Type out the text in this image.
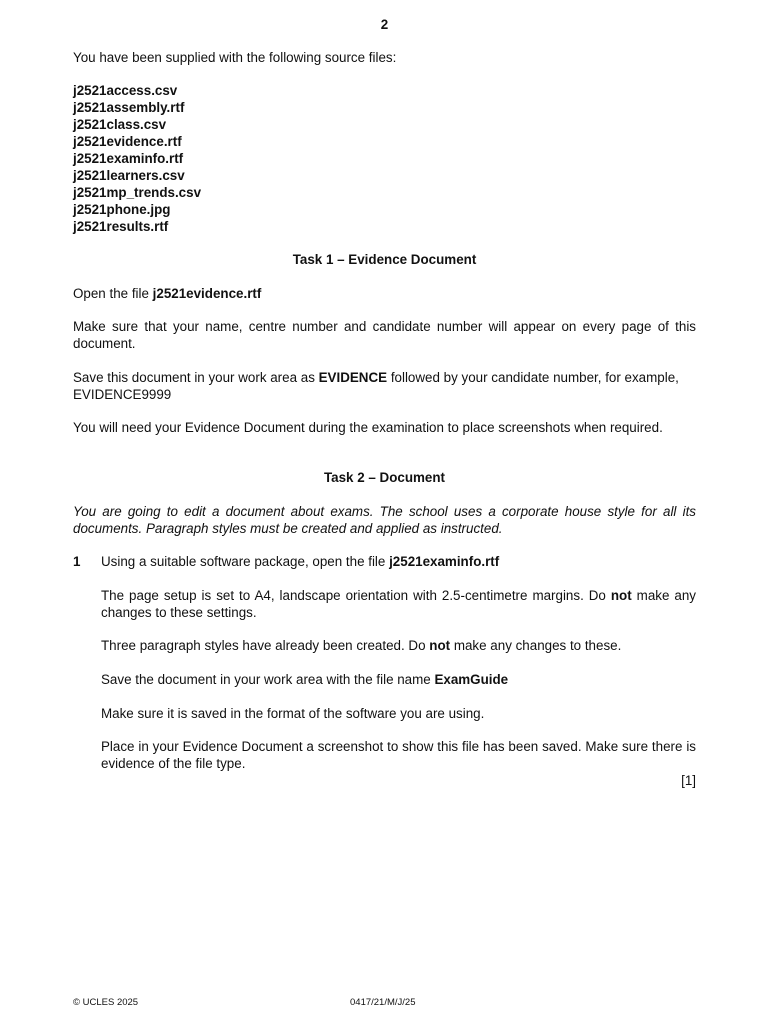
2
You have been supplied with the following source files:
j2521access.csv
j2521assembly.rtf
j2521class.csv
j2521evidence.rtf
j2521examinfo.rtf
j2521learners.csv
j2521mp_trends.csv
j2521phone.jpg
j2521results.rtf
Task 1 – Evidence Document
Open the file j2521evidence.rtf
Make sure that your name, centre number and candidate number will appear on every page of this document.
Save this document in your work area as EVIDENCE followed by your candidate number, for example,
EVIDENCE9999
You will need your Evidence Document during the examination to place screenshots when required.
Task 2 – Document
You are going to edit a document about exams. The school uses a corporate house style for all its documents. Paragraph styles must be created and applied as instructed.
1 Using a suitable software package, open the file j2521examinfo.rtf
The page setup is set to A4, landscape orientation with 2.5-centimetre margins. Do not make any changes to these settings.
Three paragraph styles have already been created. Do not make any changes to these.
Save the document in your work area with the file name ExamGuide
Make sure it is saved in the format of the software you are using.
Place in your Evidence Document a screenshot to show this file has been saved. Make sure there is evidence of the file type.
[1]
© UCLES 2025	0417/21/M/J/25
